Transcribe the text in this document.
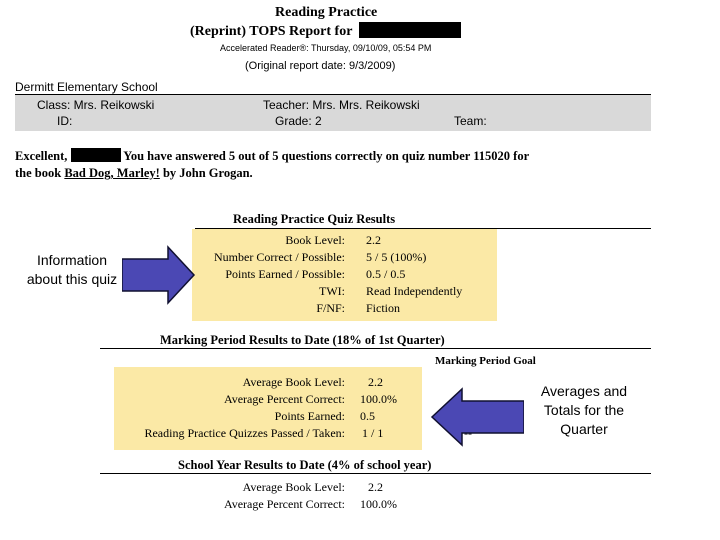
Reading Practice
(Reprint) TOPS Report for
Accelerated Reader®: Thursday, 09/10/09, 05:54 PM
(Original report date: 9/3/2009)
Dermitt Elementary School
Class: Mrs. Reikowski
ID:
Teacher: Mrs. Mrs. Reikowski
Grade: 2	Team:
Excellent,	You have answered 5 out of 5 questions correctly on quiz number 115020 for
the book Bad Dog, Marley! by John Grogan.
Reading Practice Quiz Results
Book Level: 2.2
Number Correct / Possible: 5 / 5 (100%)
Points Earned / Possible: 0.5 / 0.5
TWI: Read Independently
F/NF: Fiction
Information about this quiz
Marking Period Results to Date (18% of 1st Quarter)
Marking Period Goal
Average Book Level: 2.2
Average Percent Correct: 100.0%
Points Earned: 0.5
Reading Practice Quizzes Passed / Taken: 1 / 1
Averages and Totals for the Quarter
School Year Results to Date (4% of school year)
Average Book Level: 2.2
Average Percent Correct: 100.0%
